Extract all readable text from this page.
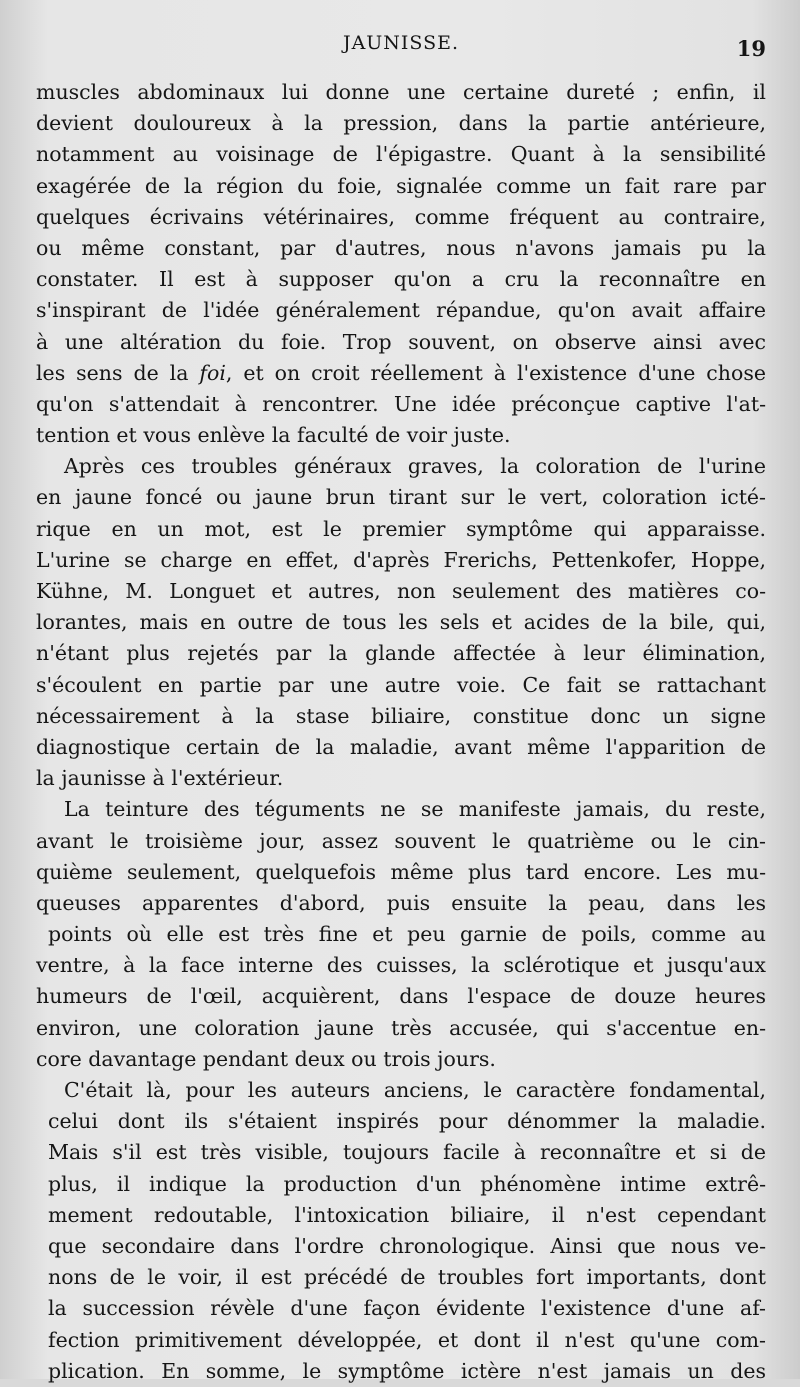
JAUNISSE.	19
muscles abdominaux lui donne une certaine dureté ; enfin, il
devient douloureux à la pression, dans la partie antérieure,
notamment au voisinage de l'épigastre. Quant à la sensibilité
exagérée de la région du foie, signalée comme un fait rare par
quelques écrivains vétérinaires, comme fréquent au contraire,
ou même constant, par d'autres, nous n'avons jamais pu la
constater. Il est à supposer qu'on a cru la reconnaître en
s'inspirant de l'idée généralement répandue, qu'on avait affaire
à une altération du foie. Trop souvent, on observe ainsi avec
les sens de la foi, et on croit réellement à l'existence d'une chose
qu'on s'attendait à rencontrer. Une idée préconçue captive l'at-
tention et vous enlève la faculté de voir juste.
Après ces troubles généraux graves, la coloration de l'urine
en jaune foncé ou jaune brun tirant sur le vert, coloration icté-
rique en un mot, est le premier symptôme qui apparaisse.
L'urine se charge en effet, d'après Frerichs, Pettenkofer, Hoppe,
Kühne, M. Longuet et autres, non seulement des matières co-
lorantes, mais en outre de tous les sels et acides de la bile, qui,
n'étant plus rejetés par la glande affectée à leur élimination,
s'écoulent en partie par une autre voie. Ce fait se rattachant
nécessairement à la stase biliaire, constitue donc un signe
diagnostique certain de la maladie, avant même l'apparition de
la jaunisse à l'extérieur.
La teinture des téguments ne se manifeste jamais, du reste,
avant le troisième jour, assez souvent le quatrième ou le cin-
quième seulement, quelquefois même plus tard encore. Les mu-
queuses apparentes d'abord, puis ensuite la peau, dans les
points où elle est très fine et peu garnie de poils, comme au
ventre, à la face interne des cuisses, la sclérotique et jusqu'aux
humeurs de l'œil, acquièrent, dans l'espace de douze heures
environ, une coloration jaune très accusée, qui s'accentue en-
core davantage pendant deux ou trois jours.
C'était là, pour les auteurs anciens, le caractère fondamental,
celui dont ils s'étaient inspirés pour dénommer la maladie.
Mais s'il est très visible, toujours facile à reconnaître et si de
plus, il indique la production d'un phénomène intime extrê-
mement redoutable, l'intoxication biliaire, il n'est cependant
que secondaire dans l'ordre chronologique. Ainsi que nous ve-
nons de le voir, il est précédé de troubles fort importants, dont
la succession révèle d'une façon évidente l'existence d'une af-
fection primitivement développée, et dont il n'est qu'une com-
plication. En somme, le symptôme ictère n'est jamais un des
